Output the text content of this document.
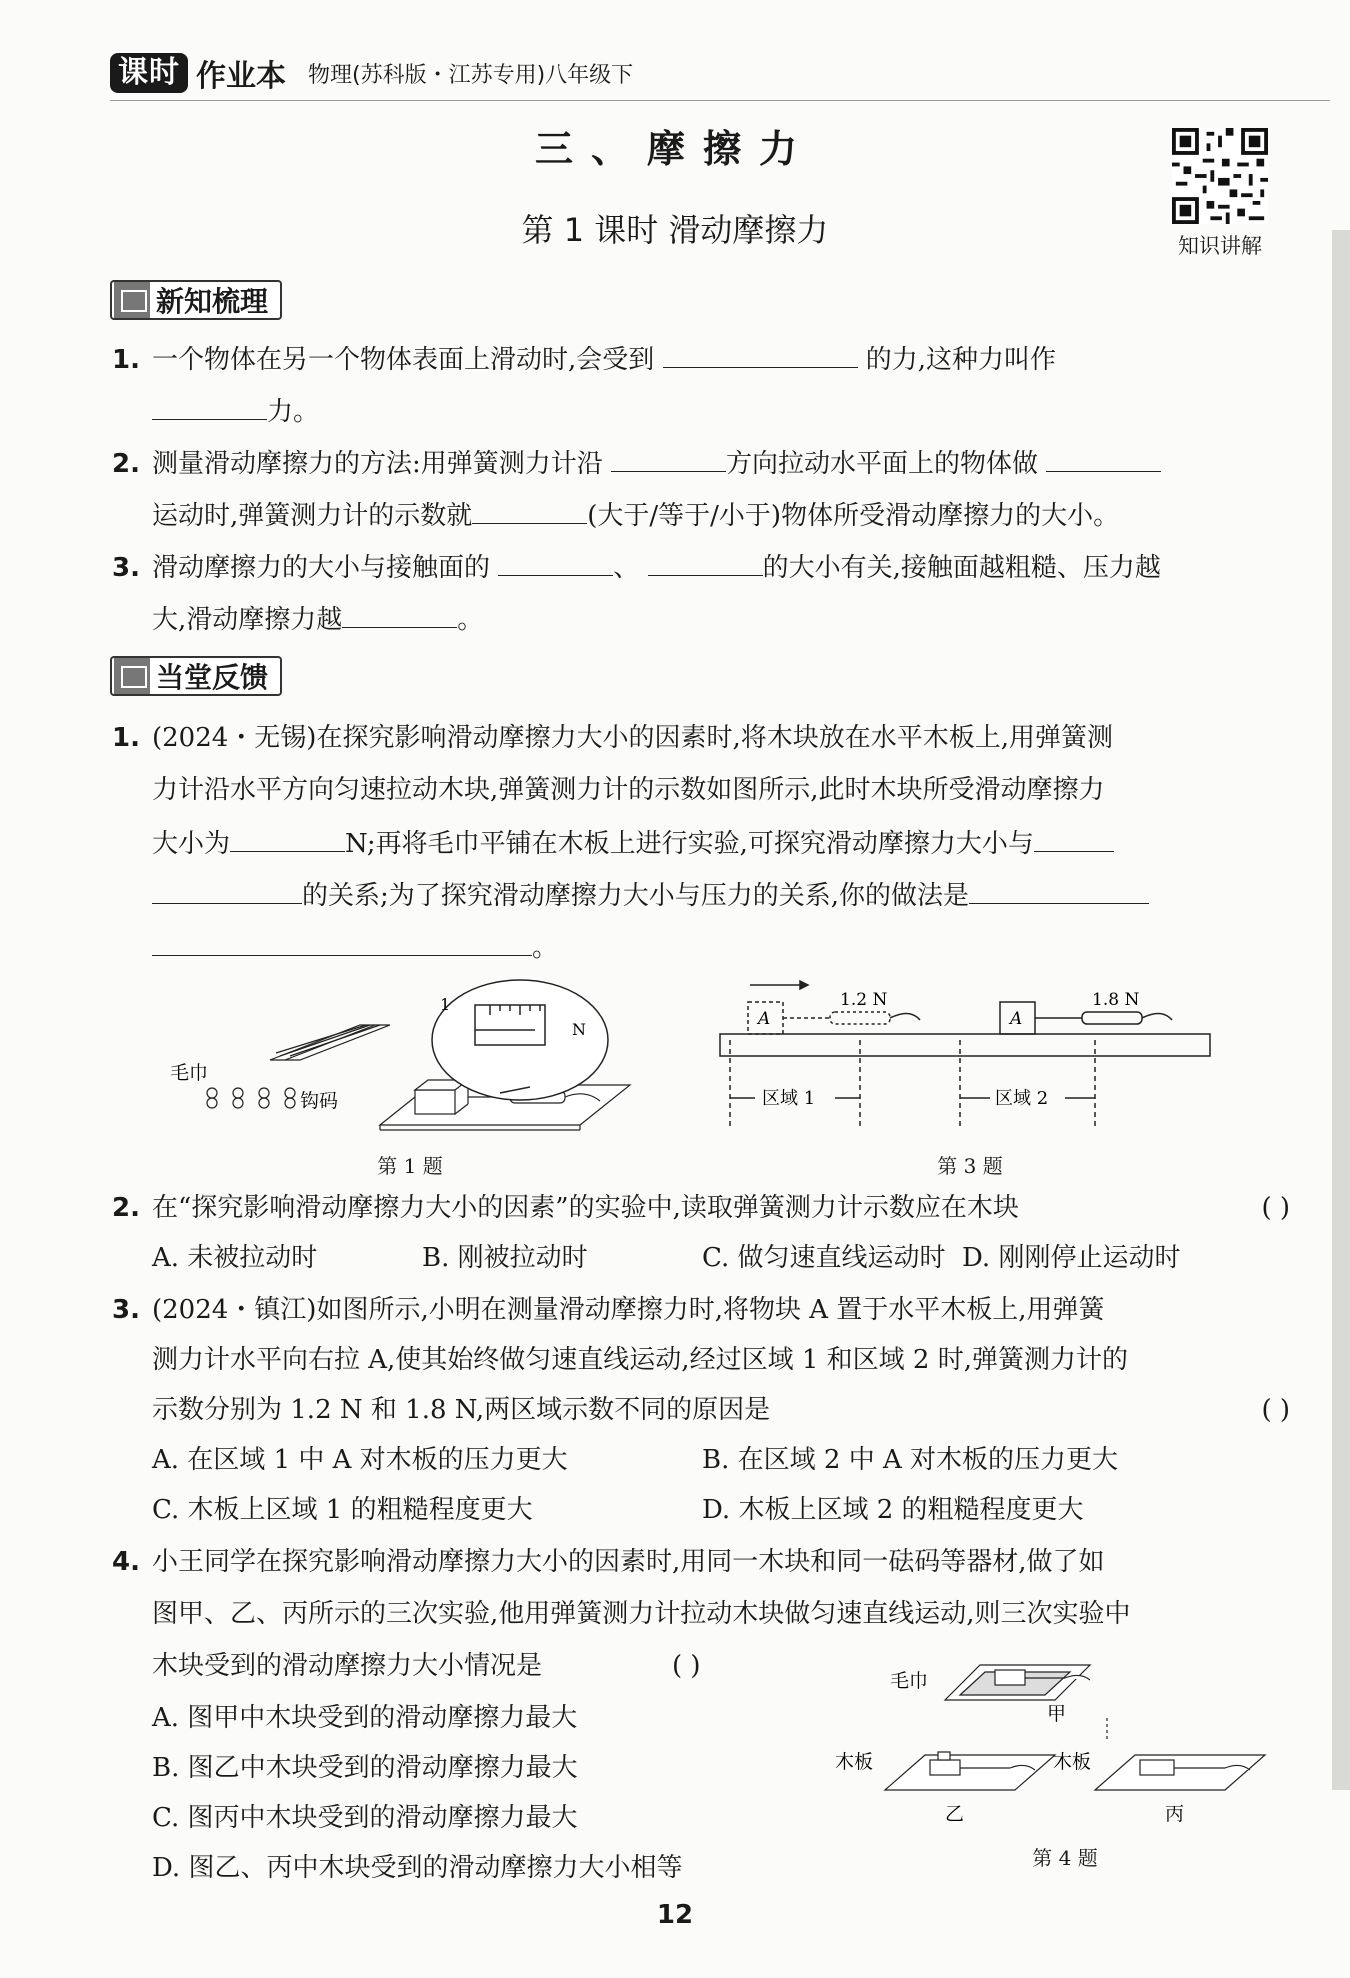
课时 作业本 物理(苏科版・江苏专用)八年级下
三、摩擦力
第 1 课时 滑动摩擦力	知识讲解
新知梳理
1. 一个物体在另一个物体表面上滑动时,会受到	的力,这种力叫作
力。
2. 测量滑动摩擦力的方法:用弹簧测力计沿	方向拉动水平面上的物体做
运动时,弹簧测力计的示数就	(大于/等于/小于)物体所受滑动摩擦力的大小。
3. 滑动摩擦力的大小与接触面的	、	的大小有关,接触面越粗糙、压力越
大,滑动摩擦力越	。
当堂反馈
1. (2024・无锡)在探究影响滑动摩擦力大小的因素时,将木块放在水平木板上,用弹簧测
力计沿水平方向匀速拉动木块,弹簧测力计的示数如图所示,此时木块所受滑动摩擦力
大小为	N;再将毛巾平铺在木板上进行实验,可探究滑动摩擦力大小与
的关系;为了探究滑动摩擦力大小与压力的关系,你的做法是
。
1
N
毛巾
钩码
第 1 题
A	A
1.2 N	1.8 N
区域 1	区域 2
第 3 题
2. 在“探究影响滑动摩擦力大小的因素”的实验中,读取弹簧测力计示数应在木块	( )
A. 未被拉动时	B. 刚被拉动时	C. 做匀速直线运动时 D. 刚刚停止运动时
3. (2024・镇江)如图所示,小明在测量滑动摩擦力时,将物块 A 置于水平木板上,用弹簧
测力计水平向右拉 A,使其始终做匀速直线运动,经过区域 1 和区域 2 时,弹簧测力计的
示数分别为 1.2 N 和 1.8 N,两区域示数不同的原因是	( )
A. 在区域 1 中 A 对木板的压力更大	B. 在区域 2 中 A 对木板的压力更大
C. 木板上区域 1 的粗糙程度更大	D. 木板上区域 2 的粗糙程度更大
4. 小王同学在探究影响滑动摩擦力大小的因素时,用同一木块和同一砝码等器材,做了如
图甲、乙、丙所示的三次实验,他用弹簧测力计拉动木块做匀速直线运动,则三次实验中
木块受到的滑动摩擦力大小情况是	( )
A. 图甲中木块受到的滑动摩擦力最大
B. 图乙中木块受到的滑动摩擦力最大
C. 图丙中木块受到的滑动摩擦力最大
D. 图乙、丙中木块受到的滑动摩擦力大小相等
毛巾
甲
木板
乙
木板
丙
第 4 题
12
